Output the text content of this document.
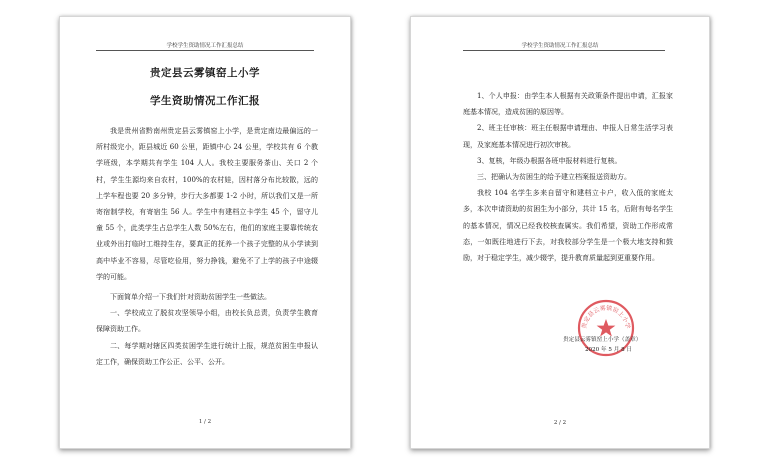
学校学生资助情况工作汇报总结
贵定县云雾镇窑上小学
学生资助情况工作汇报

我是贵州省黔南州贵定县云雾镇窑上小学，是贵定南边最偏远的一所村级完小，距县城近 60 公里，距镇中心 24 公里，学校共有 6 个教学班级，本学期共有学生 104 人人。我校主要服务茶山、关口 2 个村，学生生源均来自农村，100%的农村娃，因村落分布比较散，远的上学车程也要 20 多分钟，步行大多都要 1-2 小时，所以我们又是一所寄宿制学校，有寄宿生 56 人。学生中有建档立卡学生 45 个，留守儿童 55 个，此类学生占总学生人数 50%左右，他们的家庭主要靠传统农业或外出打临时工维持生存，要真正的抚养一个孩子完整的从小学读到高中毕业不容易，尽管吃俭用，努力挣钱，避免不了上学的孩子中途辍学的可能。

下面简单介绍一下我们针对资助贫困学生一些做法。

一、学校成立了脱贫攻坚领导小组，由校长负总责，负责学生教育保障资助工作。

二、每学期对辖区四类贫困学生进行统计上报，规范贫困生申报认定工作，确保资助工作公正、公平、公开。

1 / 2
学校学生资助情况工作汇报总结

1、个人申报：由学生本人根据有关政策条件提出申请，汇报家庭基本情况，造成贫困的原因等。

2、班主任审核：班主任根据申请理由、申报人日常生活学习表现，及家庭基本情况进行初次审核。

3、复核，年级办根据各班申报材料进行复核。

三、把确认为贫困生的给予建立档案报送资助方。

我校 104 名学生多来自留守和建档立卡户，收入低的家庭太多，本次申请资助的贫困生为小部分，共计 15 名，后附有每名学生的基本情况，情况已经我校核查属实。我们希望，资助工作形成常态，一如既往地进行下去，对我校部分学生是一个极大地支持和鼓励，对于稳定学生，减少辍学，提升教育质量起到更重要作用。

贵定县云雾镇窑上小学
贵定县云雾镇窑上小学（盖章）
2020 年 5 月 8 日
2 / 2
